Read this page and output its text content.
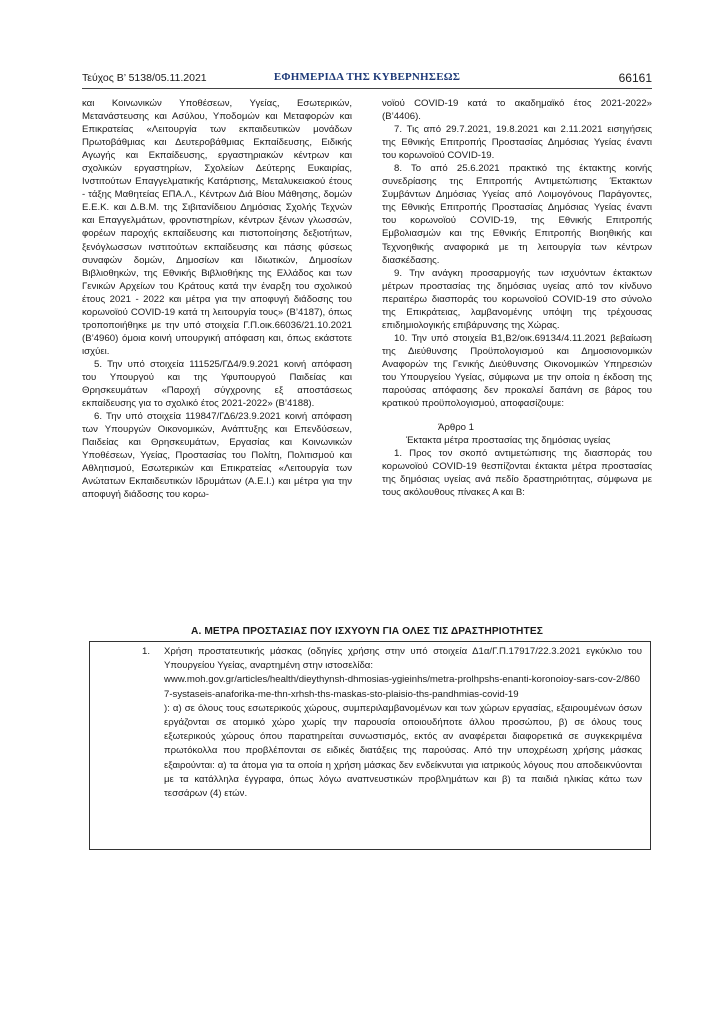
Τεύχος Β’ 5138/05.11.2021	ΕΦΗΜΕΡΙΔΑ ΤΗΣ ΚΥΒΕΡΝΗΣΕΩΣ	66161

και Κοινωνικών Υποθέσεων, Υγείας, Εσωτερικών, Μετανάστευσης και Ασύλου, Υποδομών και Μεταφορών και Επικρατείας «Λειτουργία των εκπαιδευτικών μονάδων Πρωτοβάθμιας και Δευτεροβάθμιας Εκπαίδευσης, Ειδικής Αγωγής και Εκπαίδευσης, εργαστηριακών κέντρων και σχολικών εργαστηρίων, Σχολείων Δεύτερης Ευκαιρίας, Ινστιτούτων Επαγγελματικής Κατάρτισης, Μεταλυκειακού έτους - τάξης Μαθητείας ΕΠΑ.Λ., Κέντρων Διά Βίου Μάθησης, δομών Ε.Ε.Κ. και Δ.Β.Μ. της Σιβιτανίδειου Δημόσιας Σχολής Τεχνών και Επαγγελμάτων, φροντιστηρίων, κέντρων ξένων γλωσσών, φορέων παροχής εκπαίδευσης και πιστοποίησης δεξιοτήτων, ξενόγλωσσων ινστιτούτων εκπαίδευσης και πάσης φύσεως συναφών δομών, Δημοσίων και Ιδιωτικών, Δημοσίων Βιβλιοθηκών, της Εθνικής Βιβλιοθήκης της Ελλάδος και των Γενικών Αρχείων του Κράτους κατά την έναρξη του σχολικού έτους 2021 - 2022 και μέτρα για την αποφυγή διάδοσης του κορωνοϊού COVID-19 κατά τη λειτουργία τους» (Β’4187), όπως τροποποιήθηκε με την υπό στοιχεία Γ.Π.οικ.66036/21.10.2021 (Β’4960) όμοια κοινή υπουργική απόφαση και, όπως εκάστοτε ισχύει.

5. Την υπό στοιχεία 111525/ΓΔ4/9.9.2021 κοινή απόφαση του Υπουργού και της Υφυπουργού Παιδείας και Θρησκευμάτων «Παροχή σύγχρονης εξ αποστάσεως εκπαίδευσης για το σχολικό έτος 2021-2022» (Β’4188).

6. Την υπό στοιχεία 119847/ΓΔ6/23.9.2021 κοινή απόφαση των Υπουργών Οικονομικών, Ανάπτυξης και Επενδύσεων, Παιδείας και Θρησκευμάτων, Εργασίας και Κοινωνικών Υποθέσεων, Υγείας, Προστασίας του Πολίτη, Πολιτισμού και Αθλητισμού, Εσωτερικών και Επικρατείας «Λειτουργία των Ανώτατων Εκπαιδευτικών Ιδρυμάτων (Α.Ε.Ι.) και μέτρα για την αποφυγή διάδοσης του κορω-

νοϊού COVID-19 κατά το ακαδημαϊκό έτος 2021-2022» (Β’4406).

7. Τις από 29.7.2021, 19.8.2021 και 2.11.2021 εισηγήσεις της Εθνικής Επιτροπής Προστασίας Δημόσιας Υγείας έναντι του κορωνοϊού COVID-19.

8. Το από 25.6.2021 πρακτικό της έκτακτης κοινής συνεδρίασης της Επιτροπής Αντιμετώπισης Έκτακτων Συμβάντων Δημόσιας Υγείας από Λοιμογόνους Παράγοντες, της Εθνικής Επιτροπής Προστασίας Δημόσιας Υγείας έναντι του κορωνοϊού COVID-19, της Εθνικής Επιτροπής Εμβολιασμών και της Εθνικής Επιτροπής Βιοηθικής και Τεχνοηθικής αναφορικά με τη λειτουργία των κέντρων διασκέδασης.

9. Την ανάγκη προσαρμογής των ισχυόντων έκτακτων μέτρων προστασίας της δημόσιας υγείας από τον κίνδυνο περαιτέρω διασποράς του κορωνοϊού COVID-19 στο σύνολο της Επικράτειας, λαμβανομένης υπόψη της τρέχουσας επιδημιολογικής επιβάρυνσης της Χώρας.

10. Την υπό στοιχεία Β1,Β2/οικ.69134/4.11.2021 βεβαίωση της Διεύθυνσης Προϋπολογισμού και Δημοσιονομικών Αναφορών της Γενικής Διεύθυνσης Οικονομικών Υπηρεσιών του Υπουργείου Υγείας, σύμφωνα με την οποία η έκδοση της παρούσας απόφασης δεν προκαλεί δαπάνη σε βάρος του κρατικού προϋπολογισμού, αποφασίζουμε:

Άρθρο 1

Έκτακτα μέτρα προστασίας της δημόσιας υγείας

1. Προς τον σκοπό αντιμετώπισης της διασποράς του κορωνοϊού COVID-19 θεσπίζονται έκτακτα μέτρα προστασίας της δημόσιας υγείας ανά πεδίο δραστηριότητας, σύμφωνα με τους ακόλουθους πίνακες Α και Β:

Α. ΜΕΤΡΑ ΠΡΟΣΤΑΣΙΑΣ ΠΟΥ ΙΣΧΥΟΥΝ ΓΙΑ ΟΛΕΣ ΤΙΣ ΔΡΑΣΤΗΡΙΟΤΗΤΕΣ
1. Χρήση προστατευτικής μάσκας (οδηγίες χρήσης στην υπό στοιχεία Δ1α/Γ.Π.17917/22.3.2021 εγκύκλιο του Υπουργείου Υγείας, αναρτημένη στην ιστοσελίδα:
www.moh.gov.gr/articles/health/dieythynsh-dhmosias-ygieinhs/metra-prolhpshs-enanti-koronoioy-sars-cov-2/8607-systaseis-anaforika-me-thn-xrhsh-ths-maskas-sto-plaisio-ths-pandhmias-covid-19
): α) σε όλους τους εσωτερικούς χώρους, συμπεριλαμβανομένων και των χώρων εργασίας, εξαιρουμένων όσων εργάζονται σε ατομικό χώρο χωρίς την παρουσία οποιουδήποτε άλλου προσώπου, β) σε όλους τους εξωτερικούς χώρους όπου παρατηρείται συνωστισμός, εκτός αν αναφέρεται διαφορετικά σε συγκεκριμένα πρωτόκολλα που προβλέπονται σε ειδικές διατάξεις της παρούσας. Από την υποχρέωση χρήσης μάσκας εξαιρούνται: α) τα άτομα για τα οποία η χρήση μάσκας δεν ενδείκνυται για ιατρικούς λόγους που αποδεικνύονται με τα κατάλληλα έγγραφα, όπως λόγω αναπνευστικών προβλημάτων και β) τα παιδιά ηλικίας κάτω των τεσσάρων (4) ετών.
